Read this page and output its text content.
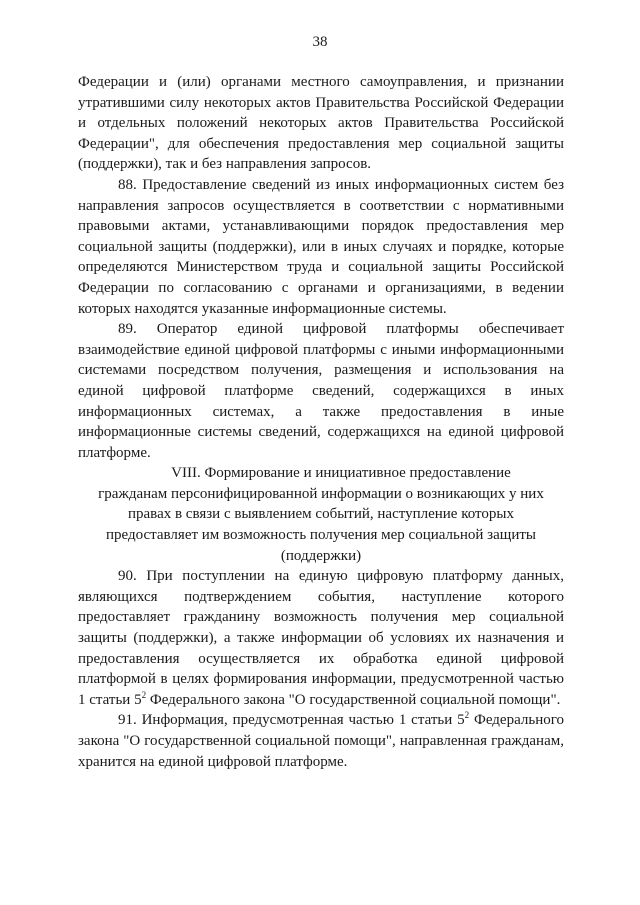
38

Федерации и (или) органами местного самоуправления, и признании утратившими силу некоторых актов Правительства Российской Федерации и отдельных положений некоторых актов Правительства Российской Федерации", для обеспечения предоставления мер социальной защиты (поддержки), так и без направления запросов.

88. Предоставление сведений из иных информационных систем без направления запросов осуществляется в соответствии с нормативными правовыми актами, устанавливающими порядок предоставления мер социальной защиты (поддержки), или в иных случаях и порядке, которые определяются Министерством труда и социальной защиты Российской Федерации по согласованию с органами и организациями, в ведении которых находятся указанные информационные системы.

89. Оператор единой цифровой платформы обеспечивает взаимодействие единой цифровой платформы с иными информационными системами посредством получения, размещения и использования на единой цифровой платформе сведений, содержащихся в иных информационных системах, а также предоставления в иные информационные системы сведений, содержащихся на единой цифровой платформе.

VIII. Формирование и инициативное предоставление гражданам персонифицированной информации о возникающих у них правах в связи с выявлением событий, наступление которых предоставляет им возможность получения мер социальной защиты (поддержки)

90. При поступлении на единую цифровую платформу данных, являющихся подтверждением события, наступление которого предоставляет гражданину возможность получения мер социальной защиты (поддержки), а также информации об условиях их назначения и предоставления осуществляется их обработка единой цифровой платформой в целях формирования информации, предусмотренной частью 1 статьи $5^2$ Федерального закона "О государственной социальной помощи".

91. Информация, предусмотренная частью 1 статьи $5^2$ Федерального закона "О государственной социальной помощи", направленная гражданам, хранится на единой цифровой платформе.
